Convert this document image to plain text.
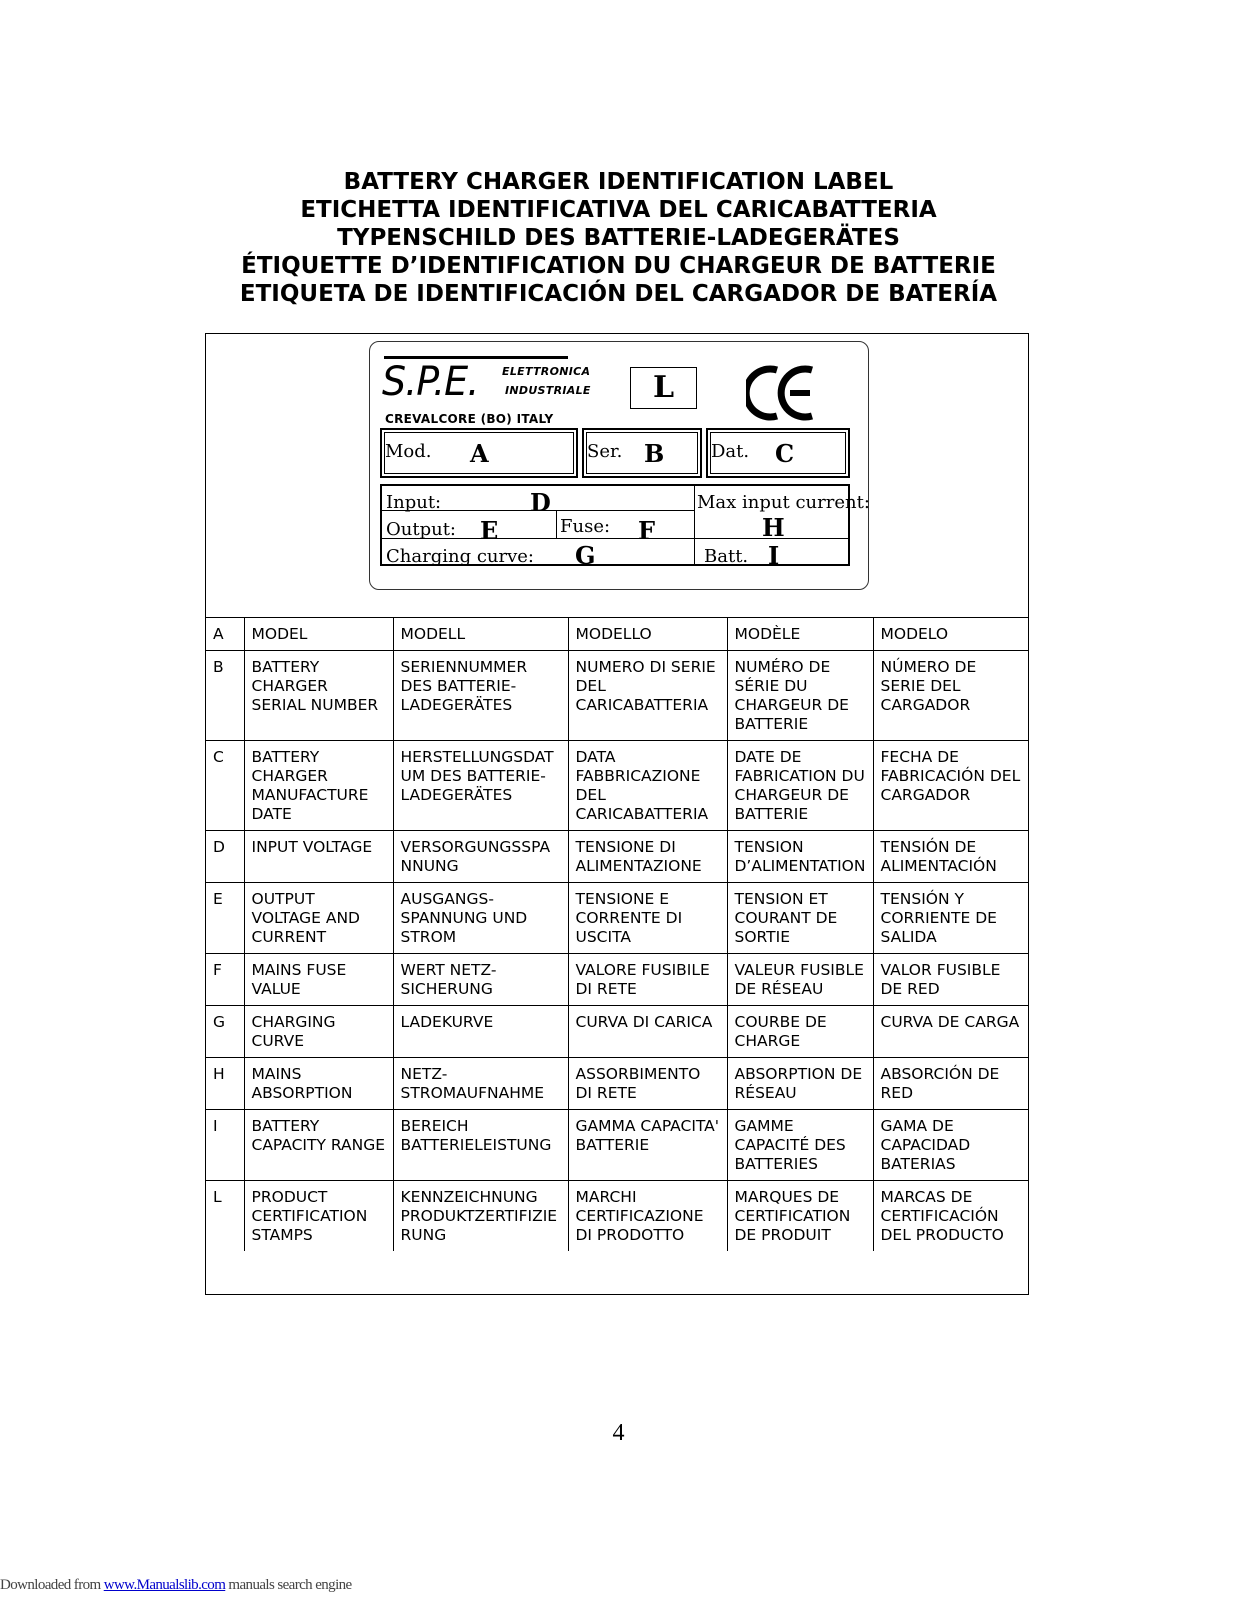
BATTERY CHARGER IDENTIFICATION LABEL
ETICHETTA IDENTIFICATIVA DEL CARICABATTERIA
TYPENSCHILD DES BATTERIE-LADEGERÄTES
ÉTIQUETTE D’IDENTIFICATION DU CHARGEUR DE BATTERIE
ETIQUETA DE IDENTIFICACIÓN DEL CARGADOR DE BATERÍA
S.P.E. ELETTRONICA
INDUSTRIALE
CREVALCORE (BO) ITALY
L
Mod. A	Ser. B	Dat. C
Input:	D
Output: E	Fuse: F
Charging curve: G
Max input current:
H
Batt. I
A	MODEL	MODELL	MODELLO	MODÈLE	MODELO
B	BATTERY CHARGER SERIAL NUMBER	SERIENNUMMER DES BATTERIE-LADEGERÄTES	NUMERO DI SERIE DEL CARICABATTERIA	NUMÉRO DE SÉRIE DU CHARGEUR DE BATTERIE	NÚMERO DE SERIE DEL CARGADOR
C	BATTERY CHARGER MANUFACTURE DATE	HERSTELLUNGSDATUM DES BATTERIE-LADEGERÄTES	DATA FABBRICAZIONE DEL CARICABATTERIA	DATE DE FABRICATION DU CHARGEUR DE BATTERIE	FECHA DE FABRICACIÓN DEL CARGADOR
D	INPUT VOLTAGE	VERSORGUNGSSPANNUNG	TENSIONE DI ALIMENTAZIONE	TENSION D’ALIMENTATION	TENSIÓN DE ALIMENTACIÓN
E	OUTPUT VOLTAGE AND CURRENT	AUSGANGS-SPANNUNG UND STROM	TENSIONE E CORRENTE DI USCITA	TENSION ET COURANT DE SORTIE	TENSIÓN Y CORRIENTE DE SALIDA
F	MAINS FUSE VALUE	WERT NETZ-SICHERUNG	VALORE FUSIBILE DI RETE	VALEUR FUSIBLE DE RÉSEAU	VALOR FUSIBLE DE RED
G	CHARGING CURVE	LADEKURVE	CURVA DI CARICA	COURBE DE CHARGE	CURVA DE CARGA
H	MAINS ABSORPTION	NETZ-STROMAUFNAHME	ASSORBIMENTO DI RETE	ABSORPTION DE RÉSEAU	ABSORCIÓN DE RED
I	BATTERY CAPACITY RANGE	BEREICH BATTERIELEISTUNG	GAMMA CAPACITA' BATTERIE	GAMME CAPACITÉ DES BATTERIES	GAMA DE CAPACIDAD BATERIAS
L	PRODUCT CERTIFICATION STAMPS	KENNZEICHNUNG PRODUKTZERTIFIZIERUNG	MARCHI CERTIFICAZIONE DI PRODOTTO	MARQUES DE CERTIFICATION DE PRODUIT	MARCAS DE CERTIFICACIÓN DEL PRODUCTO
4
Downloaded from www.Manualslib.com manuals search engine
